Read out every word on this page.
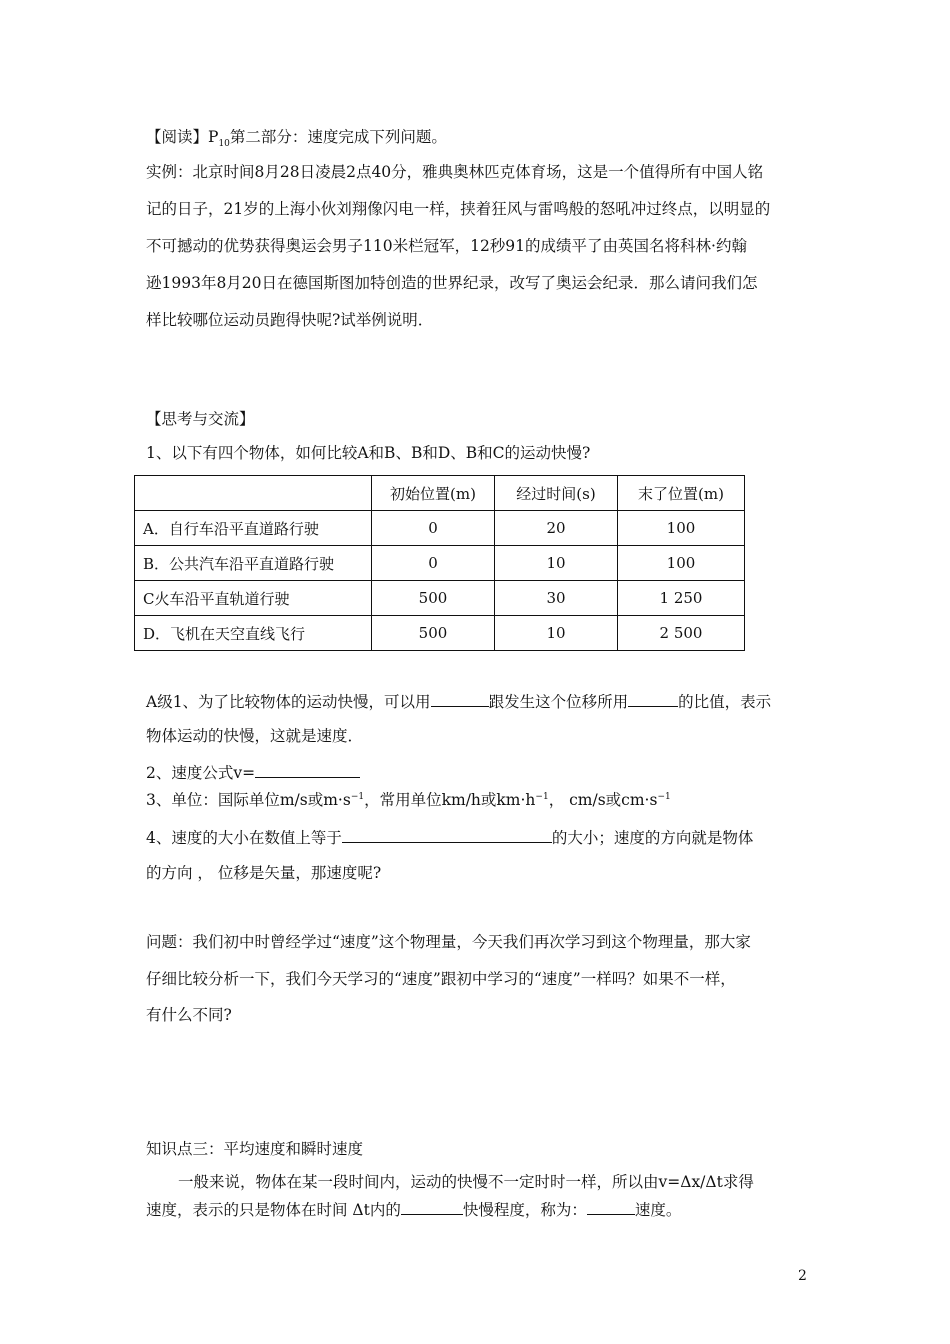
【阅读】$P_{10}$第二部分：速度完成下列问题。
实例：北京时间8月28日凌晨2点40分，雅典奥林匹克体育场，这是一个值得所有中国人铭
记的日子，21岁的上海小伙刘翔像闪电一样，挟着狂风与雷鸣般的怒吼冲过终点，以明显的
不可撼动的优势获得奥运会男子110米栏冠军，12秒91的成绩平了由英国名将科林·约翰
逊1993年8月20日在德国斯图加特创造的世界纪录，改写了奥运会纪录．那么请问我们怎
样比较哪位运动员跑得快呢?试举例说明．
【思考与交流】
1、以下有四个物体，如何比较A和B、B和D、B和C的运动快慢?
	初始位置(m)	经过时间(s)	末了位置(m)
A．自行车沿平直道路行驶	0	20	100
B．公共汽车沿平直道路行驶	0	10	100
C火车沿平直轨道行驶	500	30	1 250
D．飞机在天空直线飞行	500	10	2 500
A级1、为了比较物体的运动快慢，可以用	跟发生这个位移所用	的比值，表示
物体运动的快慢，这就是速度．
2、速度公式v=
3、单位：国际单位m/s或$m\cdot s^{-1}$，常用单位km/h或$km\cdot h^{-1}$， cm/s或$cm\cdot s^{-1}$
4、速度的大小在数值上等于	的大小；速度的方向就是物体
的方向 ， 位移是矢量，那速度呢?
问题：我们初中时曾经学过“速度”这个物理量，今天我们再次学习到这个物理量，那大家
仔细比较分析一下，我们今天学习的“速度”跟初中学习的“速度”一样吗？如果不一样，
有什么不同?
知识点三：平均速度和瞬时速度
一般来说，物体在某一段时间内，运动的快慢不一定时时一样，所以由v=Δx/Δt求得
速度，表示的只是物体在时间 Δt内的	快慢程度，称为：	速度。
2
